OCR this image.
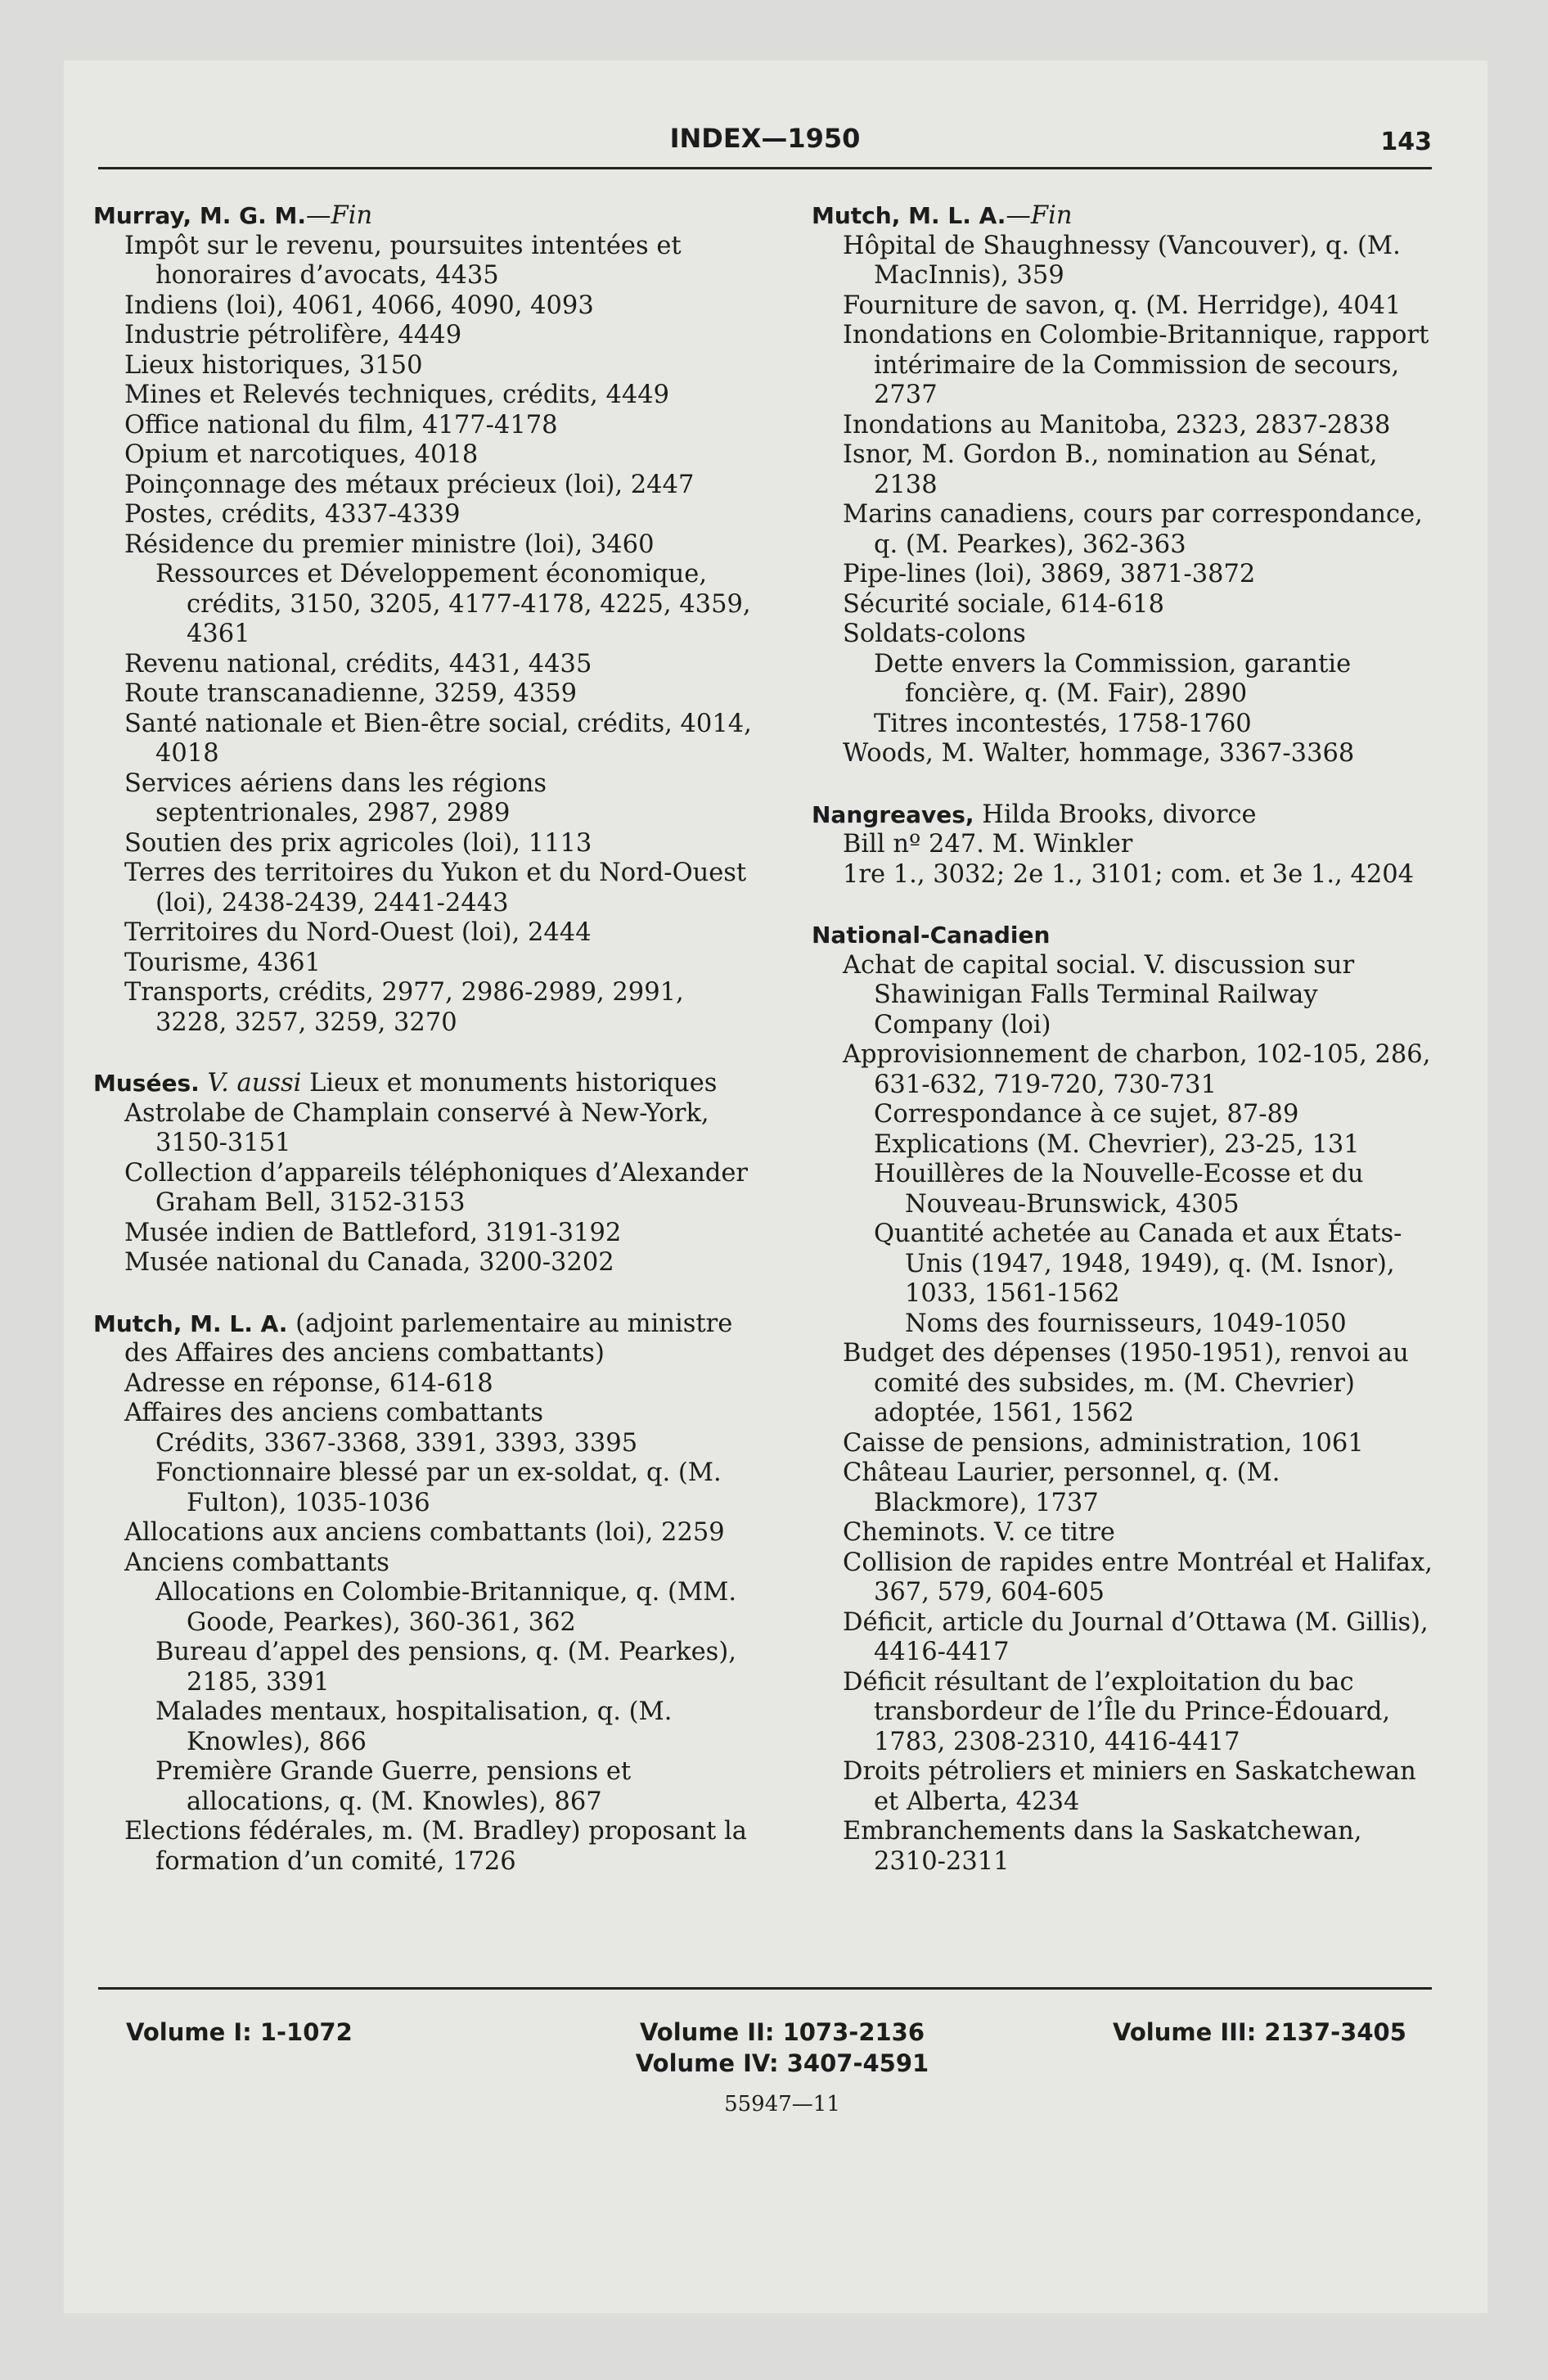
INDEX—1950	143

Murray, M. G. M.—Fin

Impôt sur le revenu, poursuites intentées et honoraires d’avocats, 4435

Indiens (loi), 4061, 4066, 4090, 4093

Industrie pétrolifère, 4449

Lieux historiques, 3150

Mines et Relevés techniques, crédits, 4449

Office national du film, 4177-4178

Opium et narcotiques, 4018

Poinçonnage des métaux précieux (loi), 2447

Postes, crédits, 4337-4339

Résidence du premier ministre (loi), 3460

Ressources et Développement économique, crédits, 3150, 3205, 4177-4178, 4225, 4359, 4361

Revenu national, crédits, 4431, 4435

Route transcanadienne, 3259, 4359

Santé nationale et Bien-être social, crédits, 4014, 4018

Services aériens dans les régions septentrionales, 2987, 2989

Soutien des prix agricoles (loi), 1113

Terres des territoires du Yukon et du Nord-Ouest (loi), 2438-2439, 2441-2443

Territoires du Nord-Ouest (loi), 2444

Tourisme, 4361

Transports, crédits, 2977, 2986-2989, 2991, 3228, 3257, 3259, 3270

Musées. V. aussi Lieux et monuments historiques

Astrolabe de Champlain conservé à New-York, 3150-3151

Collection d’appareils téléphoniques d’Alexander Graham Bell, 3152-3153

Musée indien de Battleford, 3191-3192

Musée national du Canada, 3200-3202

Mutch, M. L. A. (adjoint parlementaire au ministre des Affaires des anciens combattants)

Adresse en réponse, 614-618

Affaires des anciens combattants

Crédits, 3367-3368, 3391, 3393, 3395

Fonctionnaire blessé par un ex-soldat, q. (M. Fulton), 1035-1036

Allocations aux anciens combattants (loi), 2259

Anciens combattants

Allocations en Colombie-Britannique, q. (MM. Goode, Pearkes), 360-361, 362

Bureau d’appel des pensions, q. (M. Pearkes), 2185, 3391

Malades mentaux, hospitalisation, q. (M. Knowles), 866

Première Grande Guerre, pensions et allocations, q. (M. Knowles), 867

Elections fédérales, m. (M. Bradley) proposant la formation d’un comité, 1726

Mutch, M. L. A.—Fin

Hôpital de Shaughnessy (Vancouver), q. (M. MacInnis), 359

Fourniture de savon, q. (M. Herridge), 4041

Inondations en Colombie-Britannique, rapport intérimaire de la Commission de secours, 2737

Inondations au Manitoba, 2323, 2837-2838

Isnor, M. Gordon B., nomination au Sénat, 2138

Marins canadiens, cours par correspondance, q. (M. Pearkes), 362-363

Pipe-lines (loi), 3869, 3871-3872

Sécurité sociale, 614-618

Soldats-colons

Dette envers la Commission, garantie foncière, q. (M. Fair), 2890

Titres incontestés, 1758-1760

Woods, M. Walter, hommage, 3367-3368

Nangreaves, Hilda Brooks, divorce

Bill nº 247. M. Winkler

1re 1., 3032; 2e 1., 3101; com. et 3e 1., 4204

National-Canadien

Achat de capital social. V. discussion sur Shawinigan Falls Terminal Railway Company (loi)

Approvisionnement de charbon, 102-105, 286, 631-632, 719-720, 730-731

Correspondance à ce sujet, 87-89

Explications (M. Chevrier), 23-25, 131

Houillères de la Nouvelle-Ecosse et du Nouveau-Brunswick, 4305

Quantité achetée au Canada et aux États-Unis (1947, 1948, 1949), q. (M. Isnor), 1033, 1561-1562

Noms des fournisseurs, 1049-1050

Budget des dépenses (1950-1951), renvoi au comité des subsides, m. (M. Chevrier) adoptée, 1561, 1562

Caisse de pensions, administration, 1061

Château Laurier, personnel, q. (M. Blackmore), 1737

Cheminots. V. ce titre

Collision de rapides entre Montréal et Halifax, 367, 579, 604-605

Déficit, article du Journal d’Ottawa (M. Gillis), 4416-4417

Déficit résultant de l’exploitation du bac transbordeur de l’Île du Prince-Édouard, 1783, 2308-2310, 4416-4417

Droits pétroliers et miniers en Saskatchewan et Alberta, 4234

Embranchements dans la Saskatchewan, 2310-2311

Volume I: 1-1072	Volume II: 1073-2136
Volume IV: 3407-4591
Volume III: 2137-3405
55947—11
